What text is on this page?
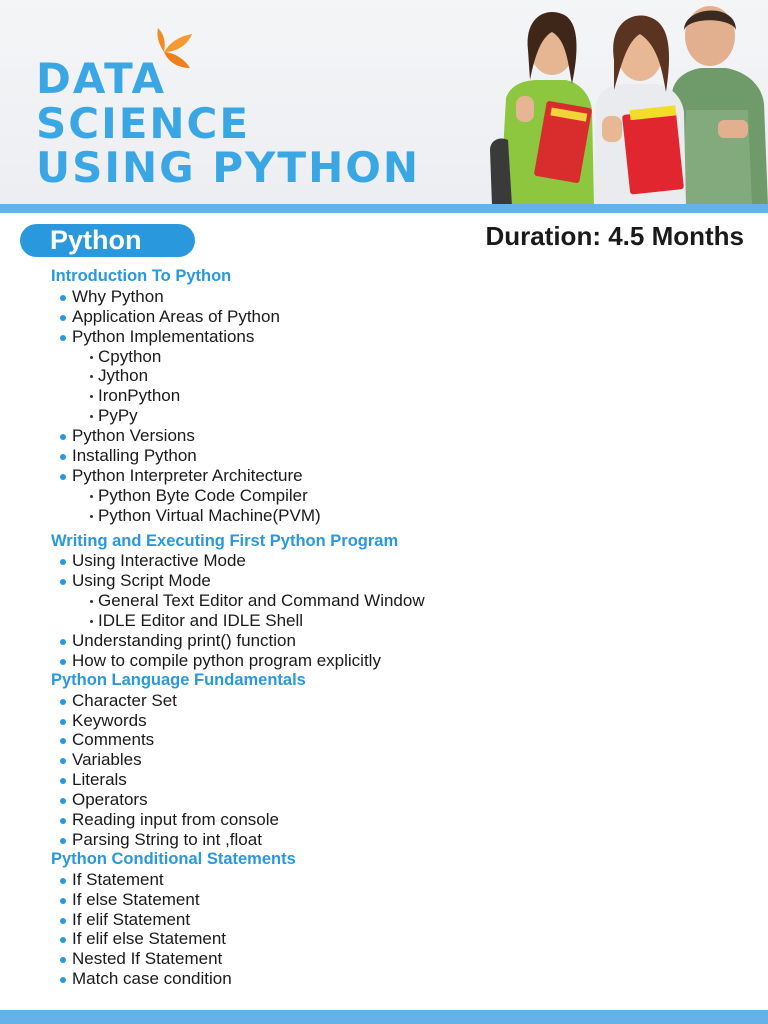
DATA
SCIENCE
USING PYTHON
Python	Duration: 4.5 Months
Introduction To Python
Why Python
Application Areas of Python
Python Implementations
Cpython
Jython
IronPython
PyPy
Python Versions
Installing Python
Python Interpreter Architecture
Python Byte Code Compiler
Python Virtual Machine(PVM)
Writing and Executing First Python Program
Using Interactive Mode
Using Script Mode
General Text Editor and Command Window
IDLE Editor and IDLE Shell
Understanding print() function
How to compile python program explicitly
Python Language Fundamentals
Character Set
Keywords
Comments
Variables
Literals
Operators
Reading input from console
Parsing String to int ,float
Python Conditional Statements
If Statement
If else Statement
If elif Statement
If elif else Statement
Nested If Statement
Match case condition
